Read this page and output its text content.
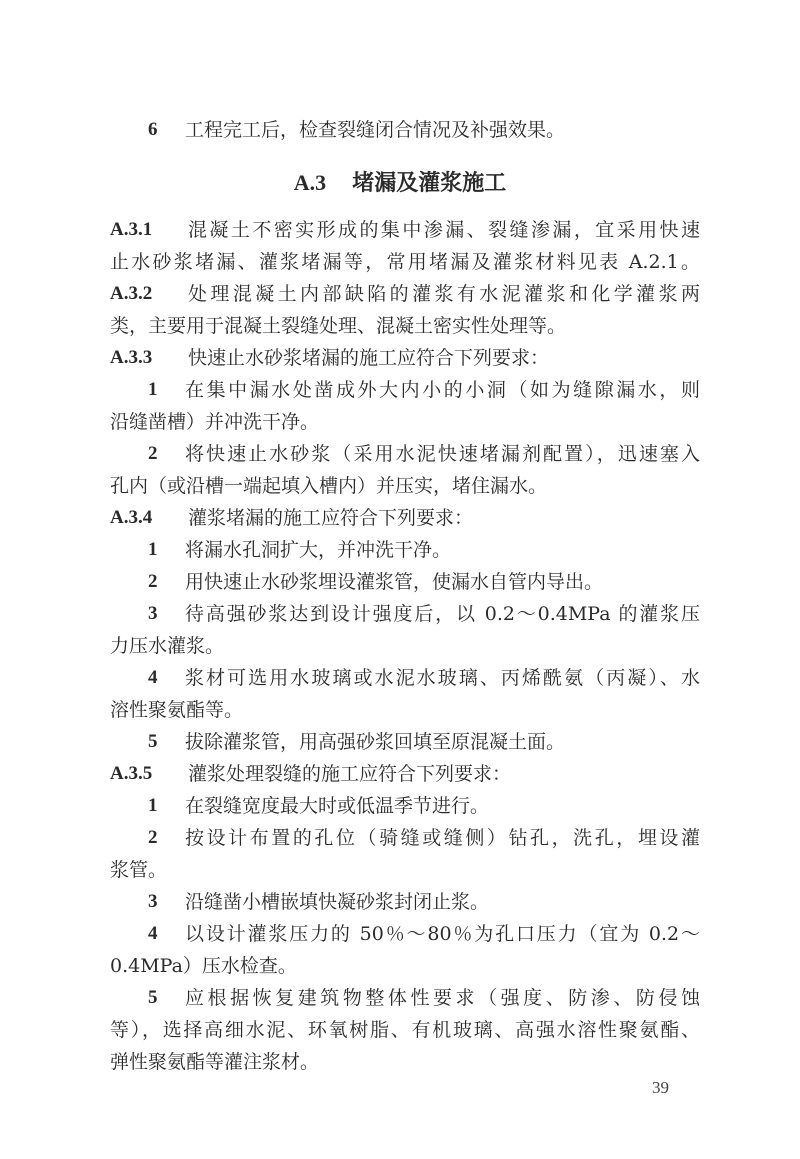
6	工程完工后，检查裂缝闭合情况及补强效果。
A.3 堵漏及灌浆施工
A.3.1	混凝土不密实形成的集中渗漏、裂缝渗漏，宜采用快速
止水砂浆堵漏、灌浆堵漏等，常用堵漏及灌浆材料见表 A.2.1。
A.3.2	处理混凝土内部缺陷的灌浆有水泥灌浆和化学灌浆两
类，主要用于混凝土裂缝处理、混凝土密实性处理等。
A.3.3	快速止水砂浆堵漏的施工应符合下列要求：
1	在集中漏水处凿成外大内小的小洞（如为缝隙漏水，则
沿缝凿槽）并冲洗干净。
2	将快速止水砂浆（采用水泥快速堵漏剂配置），迅速塞入
孔内（或沿槽一端起填入槽内）并压实，堵住漏水。
A.3.4	灌浆堵漏的施工应符合下列要求：
1	将漏水孔洞扩大，并冲洗干净。
2	用快速止水砂浆埋设灌浆管，使漏水自管内导出。
3	待高强砂浆达到设计强度后，以 0.2～0.4MPa 的灌浆压
力压水灌浆。
4	浆材可选用水玻璃或水泥水玻璃、丙烯酰氨（丙凝）、水
溶性聚氨酯等。
5	拔除灌浆管，用高强砂浆回填至原混凝土面。
A.3.5	灌浆处理裂缝的施工应符合下列要求：
1	在裂缝宽度最大时或低温季节进行。
2	按设计布置的孔位（骑缝或缝侧）钻孔，洗孔，埋设灌
浆管。
3	沿缝凿小槽嵌填快凝砂浆封闭止浆。
4	以设计灌浆压力的 50％～80％为孔口压力（宜为 0.2～
0.4MPa）压水检查。
5	应根据恢复建筑物整体性要求（强度、防渗、防侵蚀
等），选择高细水泥、环氧树脂、有机玻璃、高强水溶性聚氨酯、
弹性聚氨酯等灌注浆材。
39
